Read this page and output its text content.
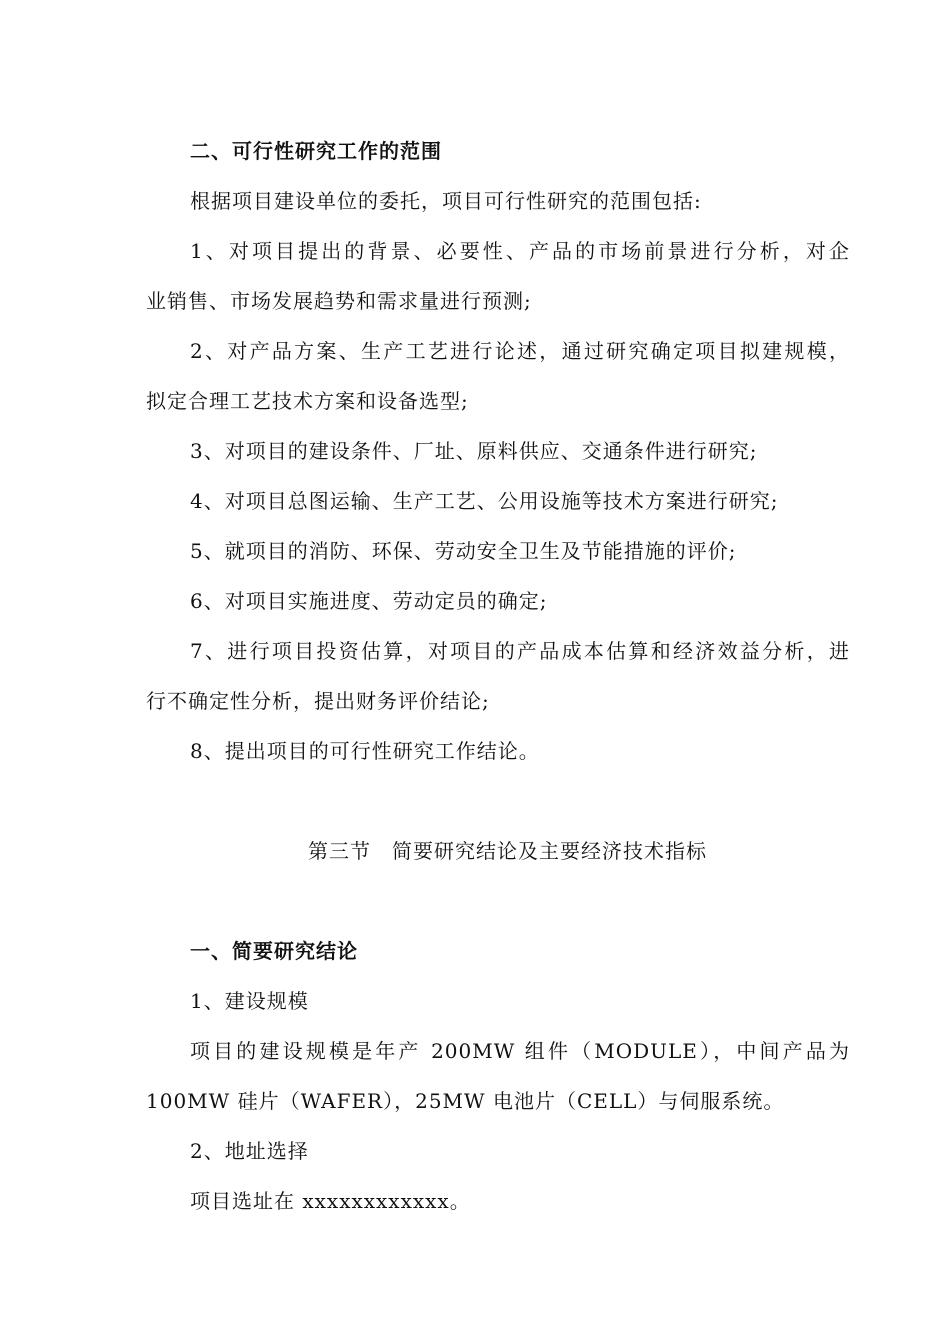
二、可行性研究工作的范围
根据项目建设单位的委托，项目可行性研究的范围包括:
1、对项目提出的背景、必要性、产品的市场前景进行分析，对企
业销售、市场发展趋势和需求量进行预测;
2、对产品方案、生产工艺进行论述，通过研究确定项目拟建规模，
拟定合理工艺技术方案和设备选型;
3、对项目的建设条件、厂址、原料供应、交通条件进行研究;
4、对项目总图运输、生产工艺、公用设施等技术方案进行研究;
5、就项目的消防、环保、劳动安全卫生及节能措施的评价;
6、对项目实施进度、劳动定员的确定;
7、进行项目投资估算，对项目的产品成本估算和经济效益分析，进
行不确定性分析，提出财务评价结论;
8、提出项目的可行性研究工作结论。
第三节　简要研究结论及主要经济技术指标
一、简要研究结论
1、建设规模
项目的建设规模是年产 200MW 组件（MODULE），中间产品为
100MW 硅片（WAFER），25MW 电池片（CELL）与伺服系统。
2、地址选择
项目选址在 xxxxxxxxxxxx。
